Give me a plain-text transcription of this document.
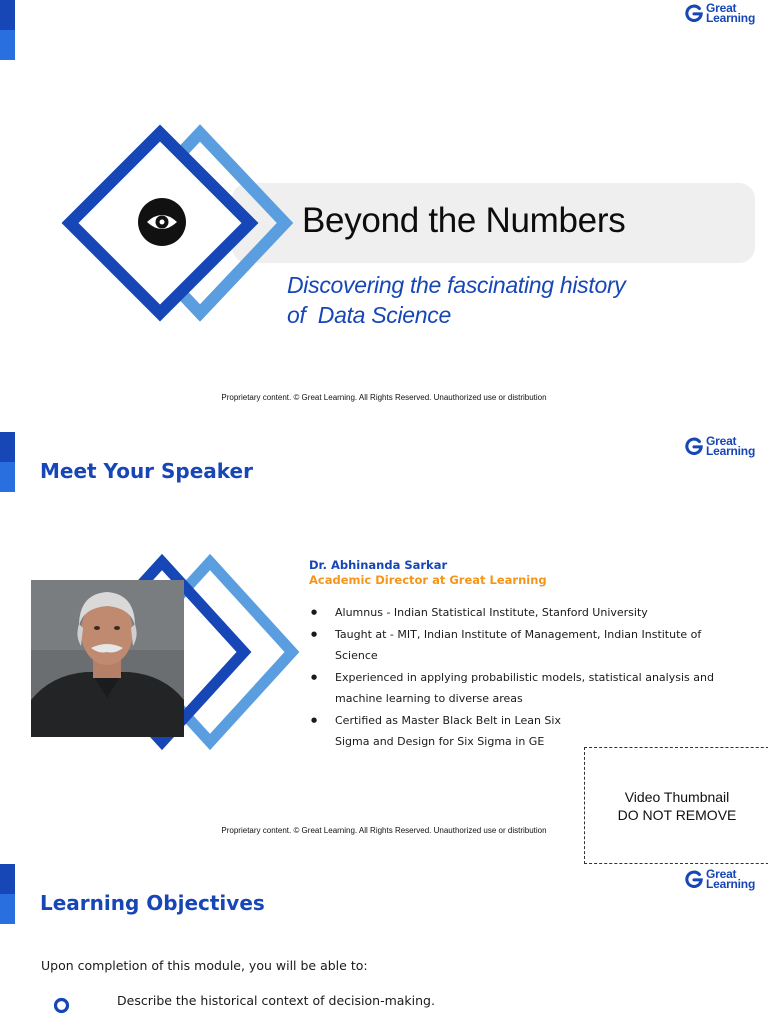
Great
Learning
Beyond the Numbers
Discovering the fascinating history
of  Data Science
Proprietary content. © Great Learning. All Rights Reserved. Unauthorized use or distribution
Great
Learning
Meet Your Speaker
Dr. Abhinanda Sarkar
Academic Director at Great Learning
● Alumnus - Indian Statistical Institute, Stanford University
● Taught at - MIT, Indian Institute of Management, Indian Institute of Science
● Experienced in applying probabilistic models, statistical analysis and machine learning to diverse areas
● Certified as Master Black Belt in Lean Six Sigma and Design for Six Sigma in GE
Video Thumbnail
DO NOT REMOVE
Proprietary content. © Great Learning. All Rights Reserved. Unauthorized use or distribution
Great
Learning
Learning Objectives
Upon completion of this module, you will be able to:
Describe the historical context of decision-making.
